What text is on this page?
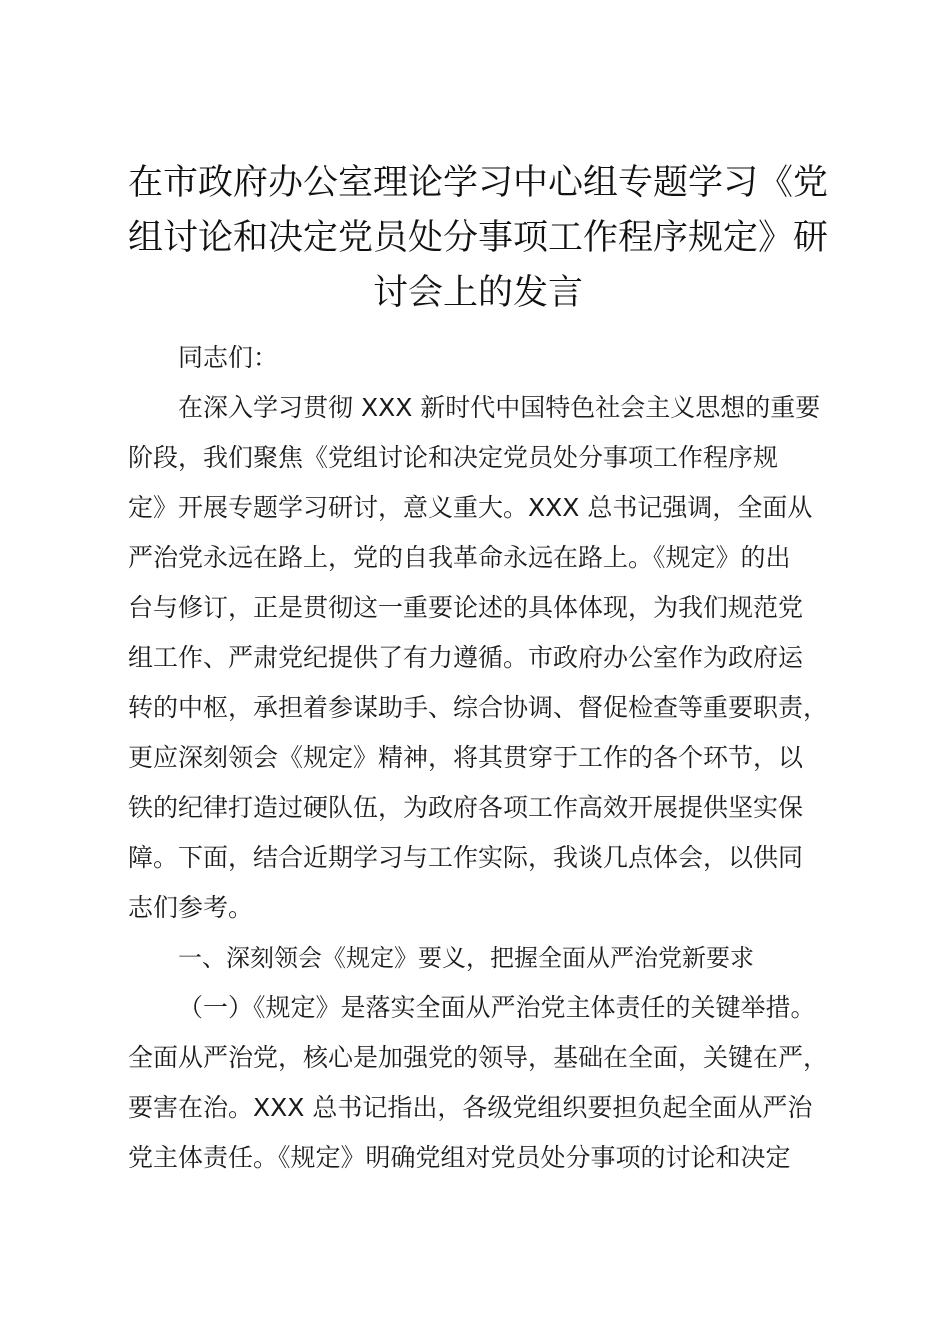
在市政府办公室理论学习中心组专题学习《党
组讨论和决定党员处分事项工作程序规定》研
讨会上的发言
同志们：
在深入学习贯彻 XXX 新时代中国特色社会主义思想的重要
阶段，我们聚焦《党组讨论和决定党员处分事项工作程序规
定》开展专题学习研讨，意义重大。XXX 总书记强调，全面从
严治党永远在路上，党的自我革命永远在路上。《规定》的出
台与修订，正是贯彻这一重要论述的具体体现，为我们规范党
组工作、严肃党纪提供了有力遵循。市政府办公室作为政府运
转的中枢，承担着参谋助手、综合协调、督促检查等重要职责，
更应深刻领会《规定》精神，将其贯穿于工作的各个环节，以
铁的纪律打造过硬队伍，为政府各项工作高效开展提供坚实保
障。下面，结合近期学习与工作实际，我谈几点体会，以供同
志们参考。
一、深刻领会《规定》要义，把握全面从严治党新要求
（一）《规定》是落实全面从严治党主体责任的关键举措。
全面从严治党，核心是加强党的领导，基础在全面，关键在严，
要害在治。XXX 总书记指出，各级党组织要担负起全面从严治
党主体责任。《规定》明确党组对党员处分事项的讨论和决定
